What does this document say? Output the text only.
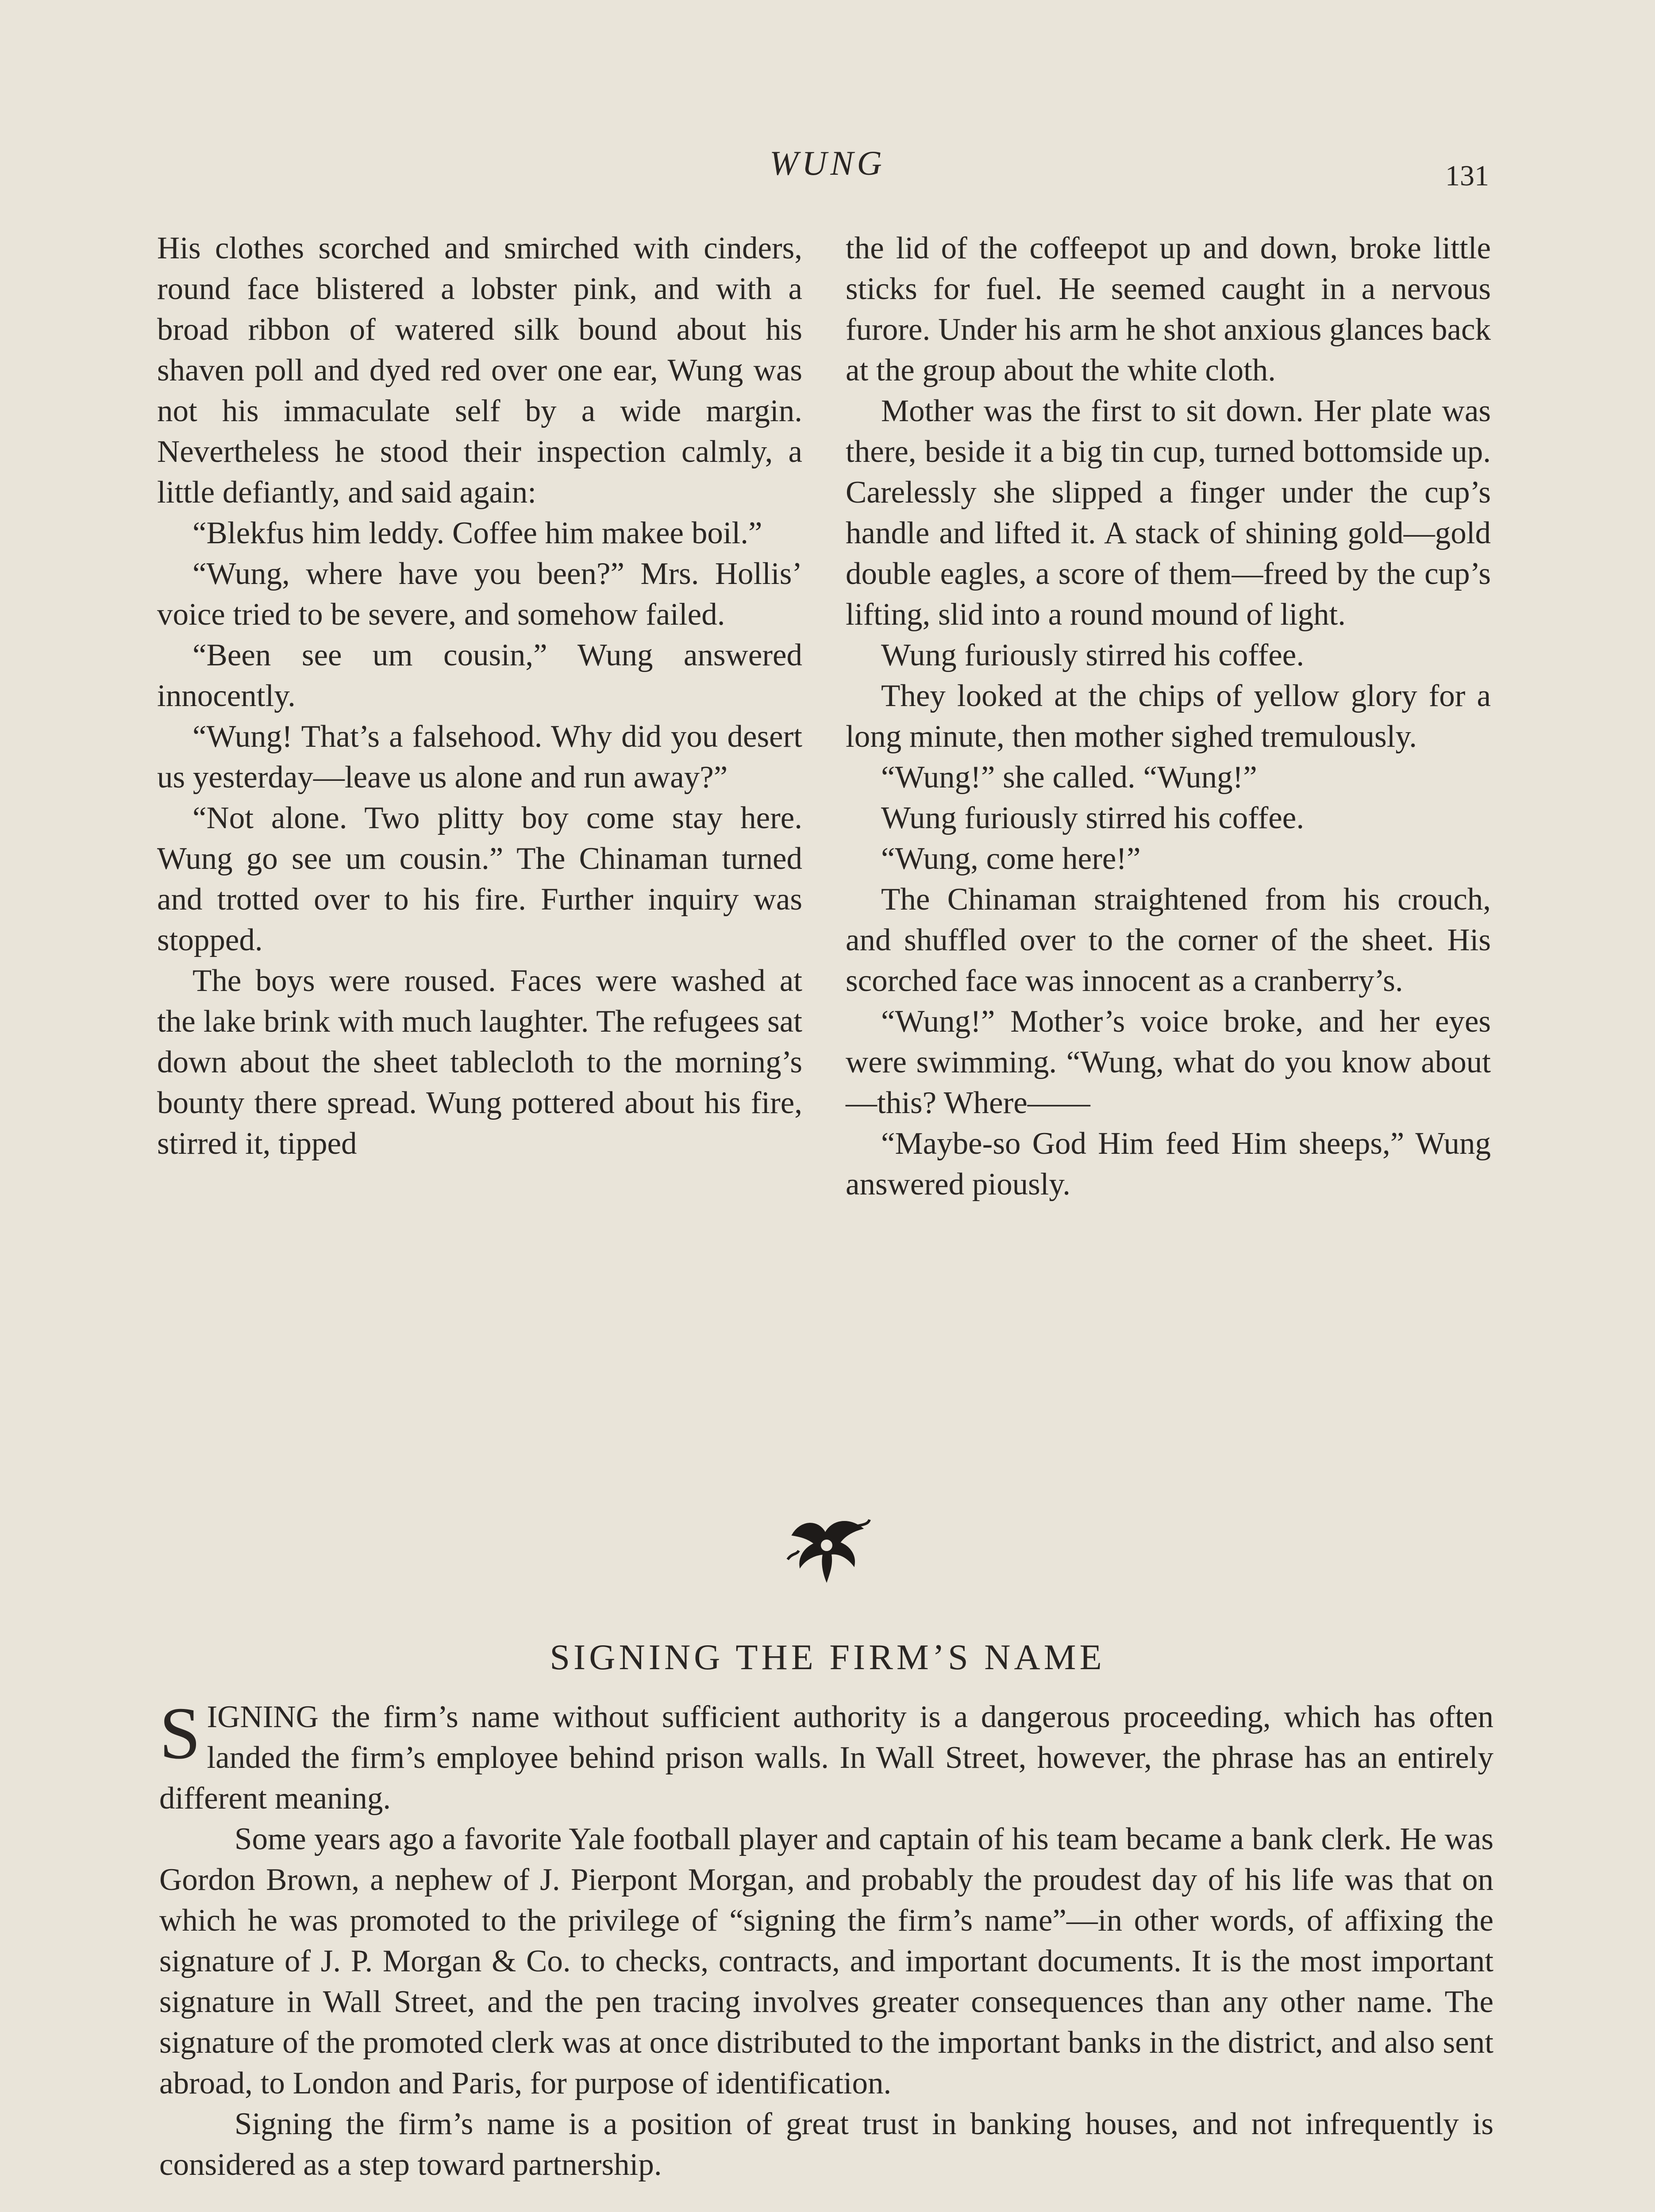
WUNG	131

His clothes scorched and smirched with cinders, round face blistered a lobster pink, and with a broad ribbon of watered silk bound about his shaven poll and dyed red over one ear, Wung was not his immaculate self by a wide margin. Nevertheless he stood their inspection calmly, a little defiantly, and said again:

“Blekfus him leddy. Coffee him makee boil.”

“Wung, where have you been?” Mrs. Hollis’ voice tried to be severe, and somehow failed.

“Been see um cousin,” Wung answered innocently.

“Wung! That’s a falsehood. Why did you desert us yesterday—leave us alone and run away?”

“Not alone. Two plitty boy come stay here. Wung go see um cousin.” The Chinaman turned and trotted over to his fire. Further inquiry was stopped.

The boys were roused. Faces were washed at the lake brink with much laughter. The refugees sat down about the sheet tablecloth to the morning’s bounty there spread. Wung pottered about his fire, stirred it, tipped

the lid of the coffeepot up and down, broke little sticks for fuel. He seemed caught in a nervous furore. Under his arm he shot anxious glances back at the group about the white cloth.

Mother was the first to sit down. Her plate was there, beside it a big tin cup, turned bottomside up. Carelessly she slipped a finger under the cup’s handle and lifted it. A stack of shining gold—gold double eagles, a score of them—freed by the cup’s lifting, slid into a round mound of light.

Wung furiously stirred his coffee.

They looked at the chips of yellow glory for a long minute, then mother sighed tremulously.

“Wung!” she called. “Wung!”

Wung furiously stirred his coffee.

“Wung, come here!”

The Chinaman straightened from his crouch, and shuffled over to the corner of the sheet. His scorched face was innocent as a cranberry’s.

“Wung!” Mother’s voice broke, and her eyes were swimming. “Wung, what do you know about—this? Where——

“Maybe-so God Him feed Him sheeps,” Wung answered piously.

SIGNING THE FIRM’S NAME

SIGNING the firm’s name without sufficient authority is a dangerous proceeding, which has often landed the firm’s employee behind prison walls. In Wall Street, however, the phrase has an entirely different meaning.

Some years ago a favorite Yale football player and captain of his team became a bank clerk. He was Gordon Brown, a nephew of J. Pierpont Morgan, and probably the proudest day of his life was that on which he was promoted to the privilege of “signing the firm’s name”—in other words, of affixing the signature of J. P. Morgan & Co. to checks, contracts, and important documents. It is the most important signature in Wall Street, and the pen tracing involves greater consequences than any other name. The signature of the promoted clerk was at once distributed to the important banks in the district, and also sent abroad, to London and Paris, for purpose of identification.

Signing the firm’s name is a position of great trust in banking houses, and not infrequently is considered as a step toward partnership.
